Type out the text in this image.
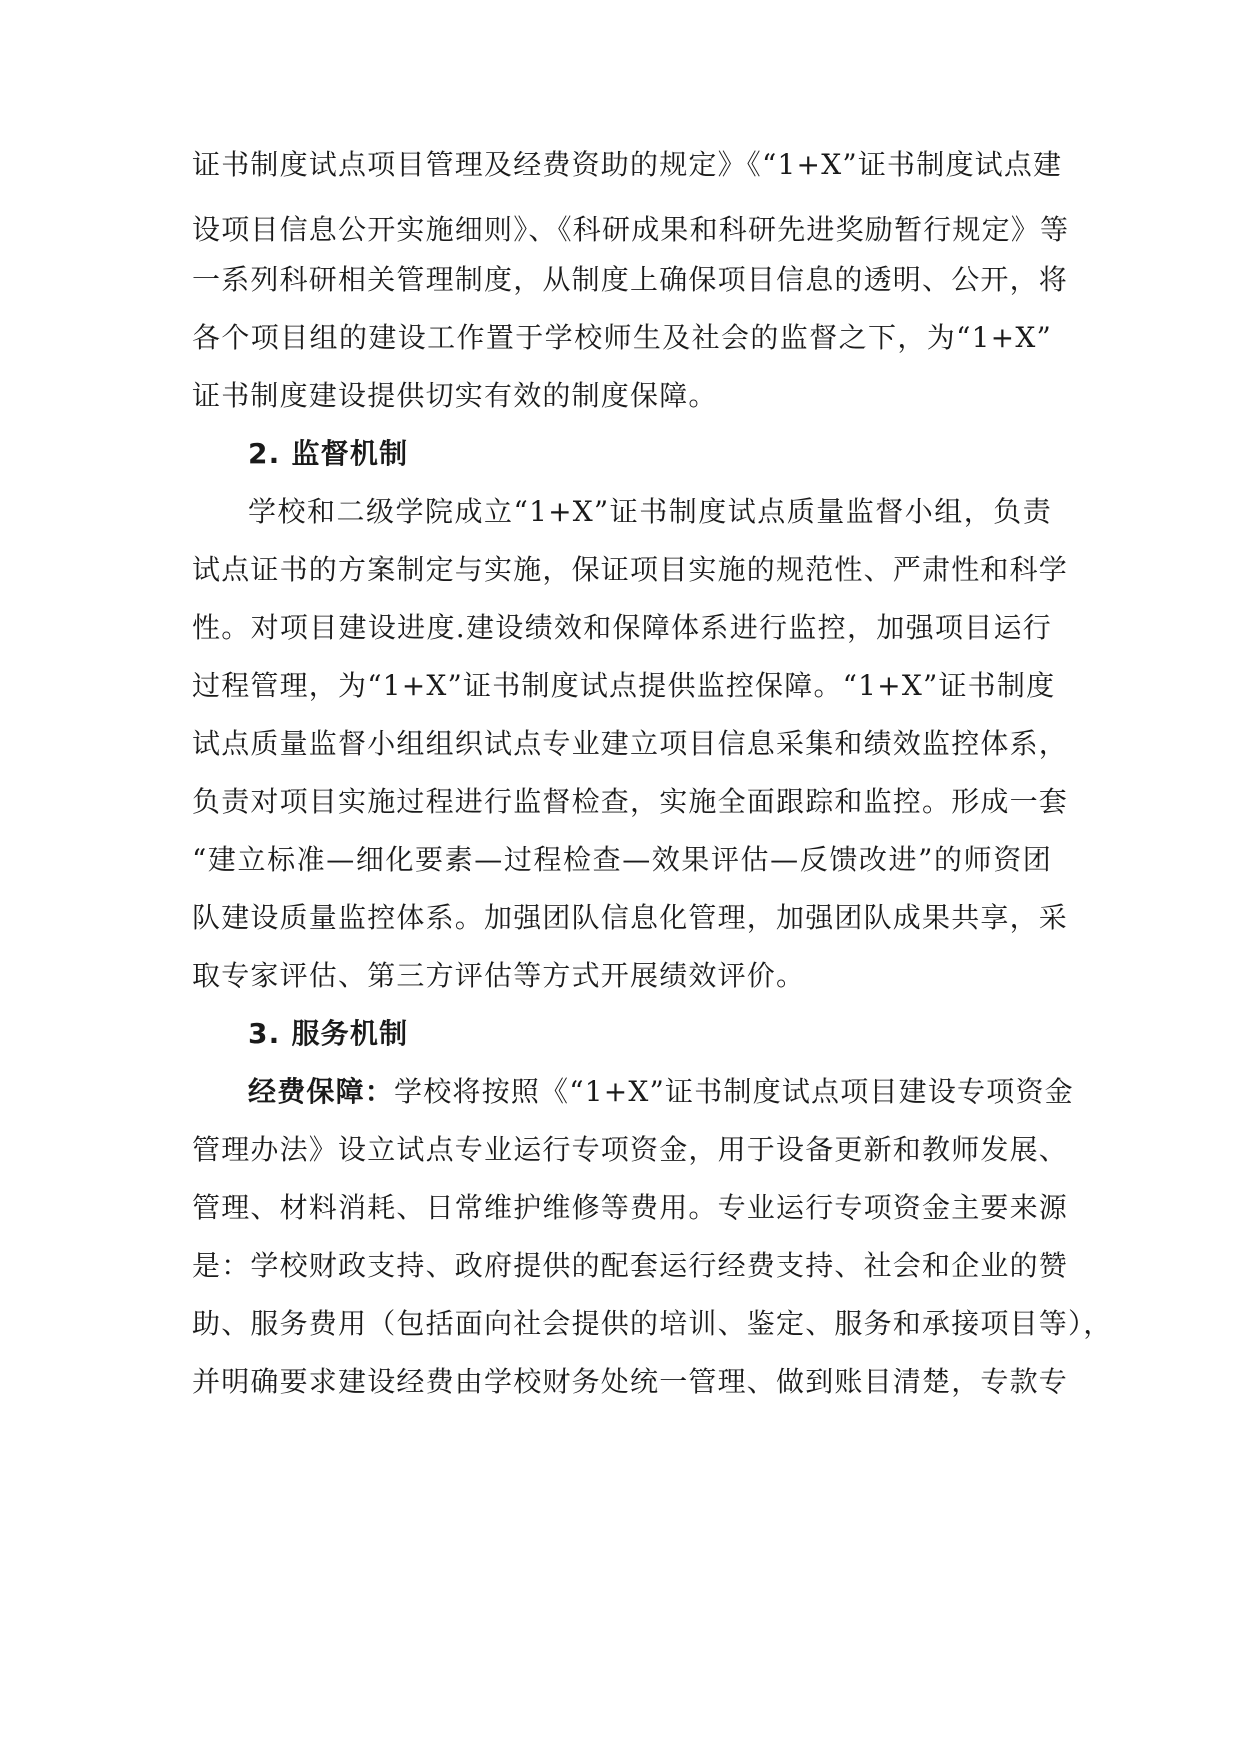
证书制度试点项目管理及经费资助的规定》《“1+X”证书制度试点建
设项目信息公开实施细则》、《科研成果和科研先进奖励暂行规定》等
一系列科研相关管理制度，从制度上确保项目信息的透明、公开，将
各个项目组的建设工作置于学校师生及社会的监督之下，为“1+X”
证书制度建设提供切实有效的制度保障。
2. 监督机制
学校和二级学院成立“1+X”证书制度试点质量监督小组，负责
试点证书的方案制定与实施，保证项目实施的规范性、严肃性和科学
性。对项目建设进度.建设绩效和保障体系进行监控，加强项目运行
过程管理，为“1+X”证书制度试点提供监控保障。“1+X”证书制度
试点质量监督小组组织试点专业建立项目信息采集和绩效监控体系，
负责对项目实施过程进行监督检查，实施全面跟踪和监控。形成一套
“建立标准—细化要素—过程检查—效果评估—反馈改进”的师资团
队建设质量监控体系。加强团队信息化管理，加强团队成果共享，采
取专家评估、第三方评估等方式开展绩效评价。
3. 服务机制
经费保障：学校将按照《“1+X”证书制度试点项目建设专项资金
管理办法》设立试点专业运行专项资金，用于设备更新和教师发展、
管理、材料消耗、日常维护维修等费用。专业运行专项资金主要来源
是：学校财政支持、政府提供的配套运行经费支持、社会和企业的赞
助、服务费用（包括面向社会提供的培训、鉴定、服务和承接项目等），
并明确要求建设经费由学校财务处统一管理、做到账目清楚，专款专
